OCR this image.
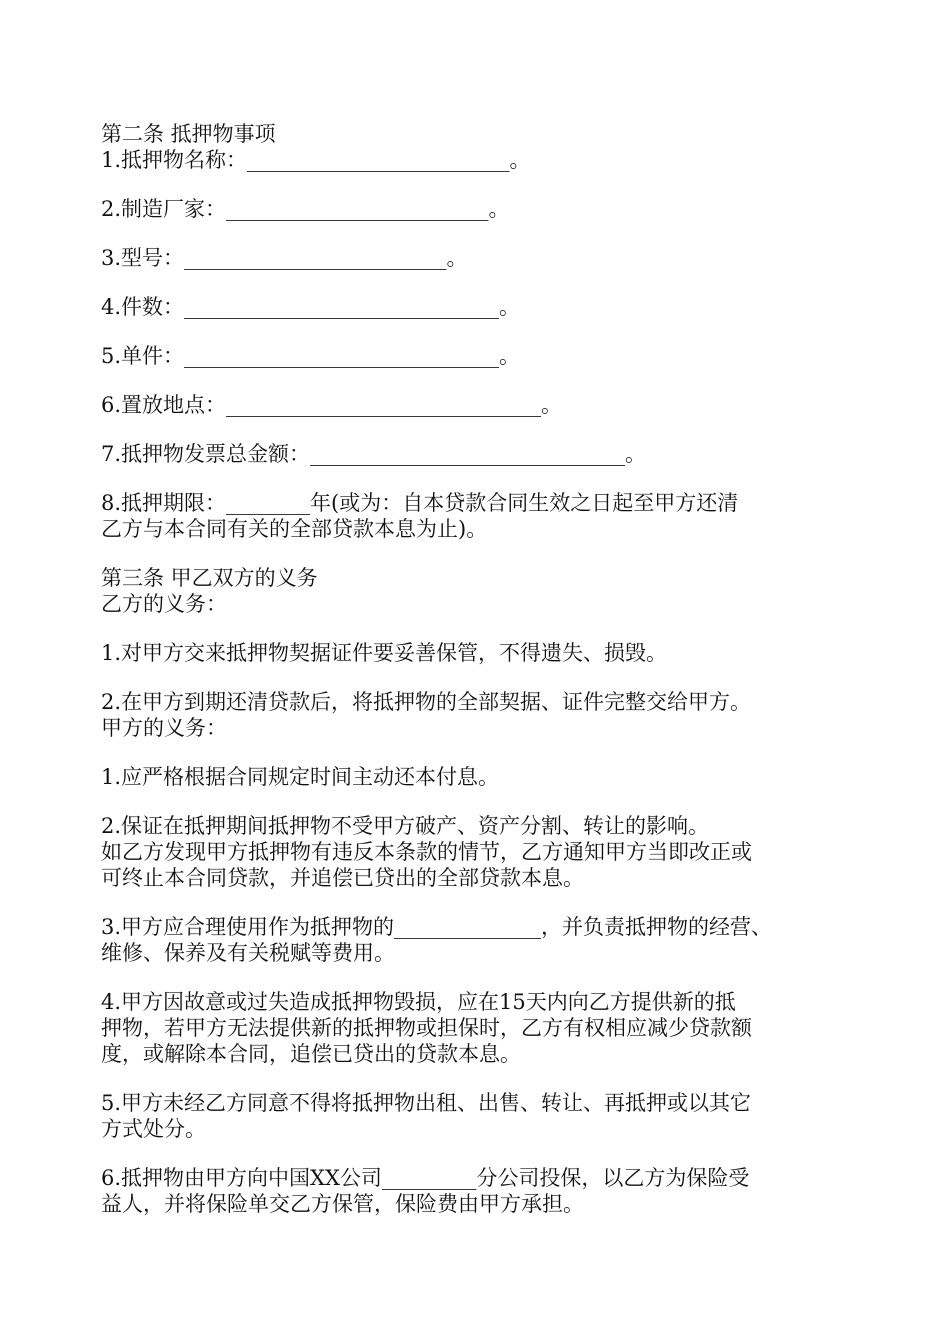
第二条 抵押物事项
1.抵押物名称：_________________________。
2.制造厂家：_________________________。
3.型号：_________________________。
4.件数：______________________________。
5.单件：______________________________。
6.置放地点：______________________________。
7.抵押物发票总金额：______________________________。
8.抵押期限：________年(或为：自本贷款合同生效之日起至甲方还清
乙方与本合同有关的全部贷款本息为止)。
第三条 甲乙双方的义务
乙方的义务：
1.对甲方交来抵押物契据证件要妥善保管，不得遗失、损毁。
2.在甲方到期还清贷款后，将抵押物的全部契据、证件完整交给甲方。
甲方的义务：
1.应严格根据合同规定时间主动还本付息。
2.保证在抵押期间抵押物不受甲方破产、资产分割、转让的影响。
如乙方发现甲方抵押物有违反本条款的情节，乙方通知甲方当即改正或
可终止本合同贷款，并追偿已贷出的全部贷款本息。
3.甲方应合理使用作为抵押物的______________，并负责抵押物的经营、
维修、保养及有关税赋等费用。
4.甲方因故意或过失造成抵押物毁损，应在15天内向乙方提供新的抵
押物，若甲方无法提供新的抵押物或担保时，乙方有权相应减少贷款额
度，或解除本合同，追偿已贷出的贷款本息。
5.甲方未经乙方同意不得将抵押物出租、出售、转让、再抵押或以其它
方式处分。
6.抵押物由甲方向中国XX公司_________分公司投保，以乙方为保险受
益人，并将保险单交乙方保管，保险费由甲方承担。
